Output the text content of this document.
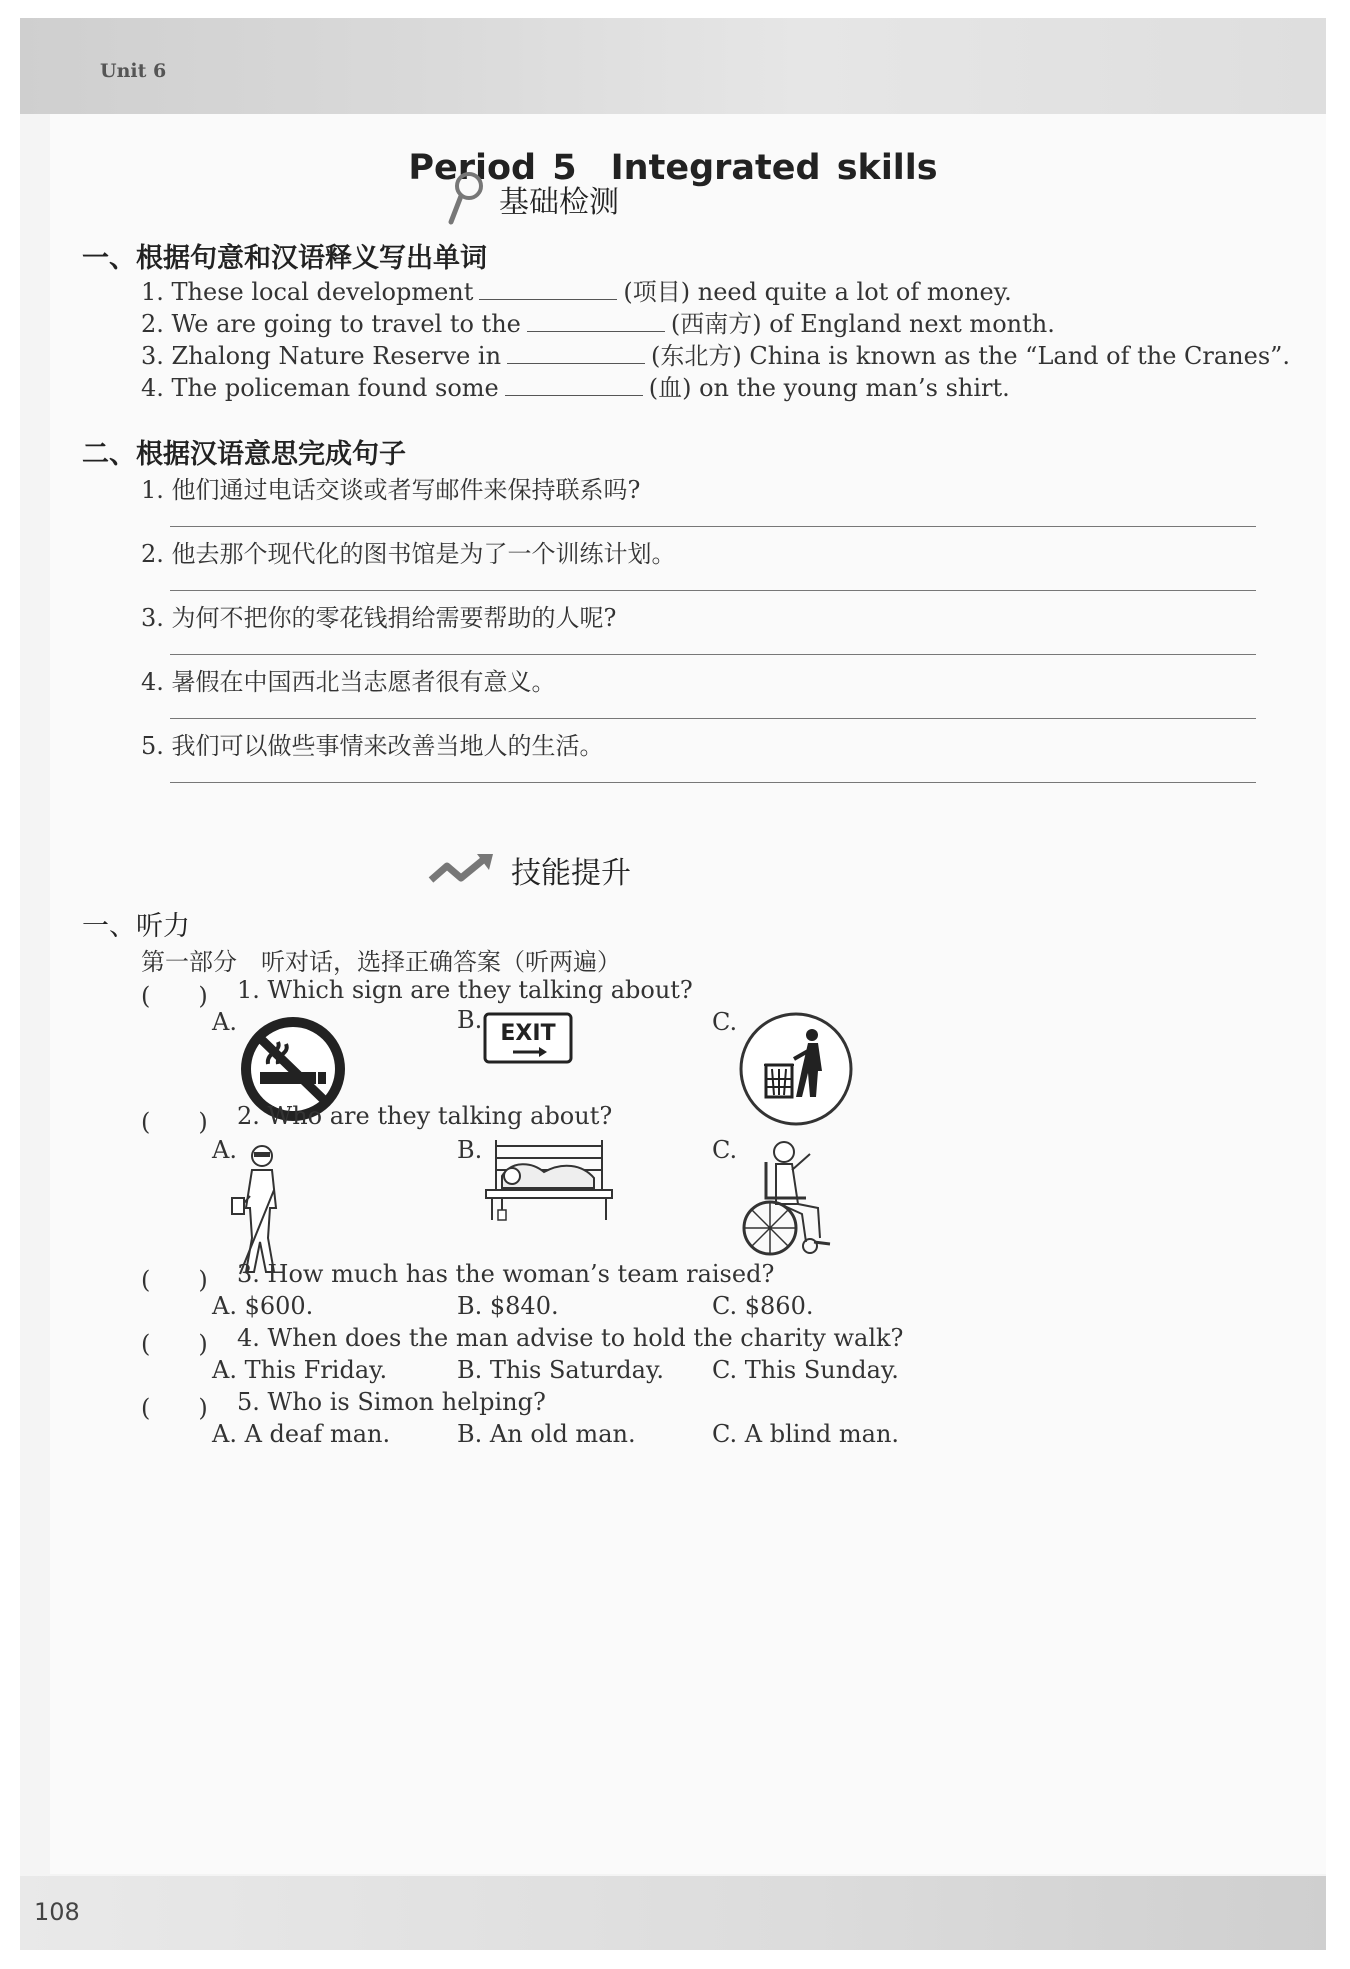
Unit 6
108
Period 5 Integrated skills
基础检测
一、根据句意和汉语释义写出单词
1. These local development	(项目) need quite a lot of money.
2. We are going to travel to the	(西南方) of England next month.
3. Zhalong Nature Reserve in	(东北方) China is known as the “Land of the Cranes”.
4. The policeman found some	(血) on the young man’s shirt.
二、根据汉语意思完成句子
1. 他们通过电话交谈或者写邮件来保持联系吗?
2. 他去那个现代化的图书馆是为了一个训练计划。
3. 为何不把你的零花钱捐给需要帮助的人呢?
4. 暑假在中国西北当志愿者很有意义。
5. 我们可以做些事情来改善当地人的生活。
技能提升
一、听力
第一部分　听对话，选择正确答案（听两遍）
(　　) 1. Which sign are they talking about?
A.	B.	C.
EXIT
(　　) 2. Who are they talking about?
A.	B.	C.
(　　) 3. How much has the woman’s team raised?
A. $600.	B. $840.	C. $860.
(　　) 4. When does the man advise to hold the charity walk?
A. This Friday.	B. This Saturday. C. This Sunday.
(　　) 5. Who is Simon helping?
A. A deaf man.	B. An old man.	C. A blind man.
